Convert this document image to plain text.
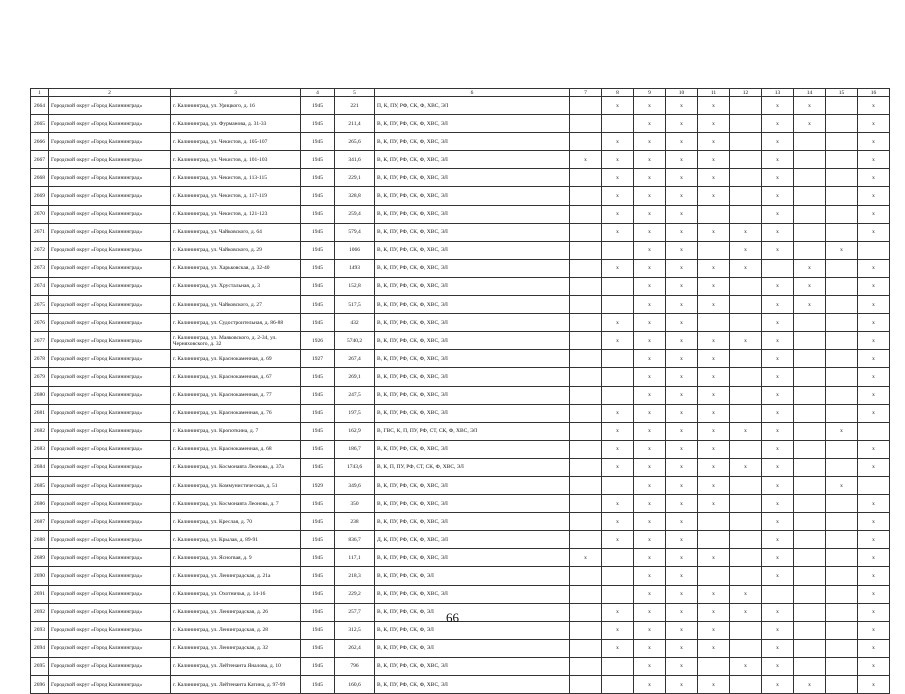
1	2	3	4	5	6	7	8	9	10	11	12	13	14	15	16
2664	Городской округ «Город Калининград»	г. Калининград, ул. Урицкого, д. 16	1945	221	П, К, ПУ, РФ, СК, Ф, ХВС, ЭЛ		х	х	х	х		х	х		х
2665	Городской округ «Город Калининград»	г. Калининград, ул. Фурманова, д. 31-33	1945	211,4	В, К, ПУ, РФ, СК, Ф, ХВС, ЭЛ			х	х	х		х	х		х
2666	Городской округ «Город Калининград»	г. Калининград, ул. Чекистов, д. 105-107	1945	265,6	В, К, ПУ, РФ, СК, Ф, ХВС, ЭЛ		х	х	х	х		х			х
2667	Городской округ «Город Калининград»	г. Калининград, ул. Чекистов, д. 101-103	1945	341,6	В, К, ПУ, РФ, СК, Ф, ХВС, ЭЛ	х	х	х	х	х		х			х
2668	Городской округ «Город Калининград»	г. Калининград, ул. Чекистов, д. 113-115	1945	229,1	В, К, ПУ, РФ, СК, Ф, ХВС, ЭЛ		х	х	х	х		х			х
2669	Городской округ «Город Калининград»	г. Калининград, ул. Чекистов, д. 117-119	1945	328,8	В, К, ПУ, РФ, СК, Ф, ХВС, ЭЛ		х	х	х	х		х			х
2670	Городской округ «Город Калининград»	г. Калининград, ул. Чекистов, д. 121-123	1945	259,4	В, К, ПУ, РФ, СК, Ф, ХВС, ЭЛ		х	х	х			х			х
2671	Городской округ «Город Калининград»	г. Калининград, ул. Чайковского, д. 64	1945	579,4	В, К, ПУ, РФ, СК, Ф, ХВС, ЭЛ		х	х	х	х	х	х			х
2672	Городской округ «Город Калининград»	г. Калининград, ул. Чайковского, д. 29	1945	1066	В, К, ПУ, РФ, СК, Ф, ХВС, ЭЛ			х	х		х	х		х	
2673	Городской округ «Город Калининград»	г. Калининград, ул. Харьковская, д. 32-40	1945	1493	В, К, ПУ, РФ, СК, Ф, ХВС, ЭЛ		х	х	х	х	х		х		х
2674	Городской округ «Город Калининград»	г. Калининград, ул. Хрустальная, д. 3	1945	152,8	В, К, ПУ, РФ, СК, Ф, ХВС, ЭЛ			х	х	х		х	х		х
2675	Городской округ «Город Калининград»	г. Калининград, ул. Чайковского, д. 27	1945	517,5	В, К, ПУ, РФ, СК, Ф, ХВС, ЭЛ			х	х	х		х	х		х
2676	Городской округ «Город Калининград»	г. Калининград, ул. Судостроительная, д. 86-88	1945	432	В, К, ПУ, РФ, СК, Ф, ХВС, ЭЛ		х	х	х			х			х
2677	Городской округ «Город Калининград»	г. Калининград, ул. Маяковского, д. 2-34, ул. Черняховского, д. 32	1926	5740,2	В, К, ПУ, РФ, СК, Ф, ХВС, ЭЛ		х	х	х	х	х	х			х
2678	Городской округ «Город Калининград»	г. Калининград, ул. Краснокаменная, д. 69	1927	267,4	В, К, ПУ, РФ, СК, Ф, ХВС, ЭЛ			х	х	х		х			х
2679	Городской округ «Город Калининград»	г. Калининград, ул. Краснокаменная, д. 67	1945	269,1	В, К, ПУ, РФ, СК, Ф, ХВС, ЭЛ			х	х	х		х			х
2680	Городской округ «Город Калининград»	г. Калининград, ул. Краснокаменная, д. 77	1945	247,5	В, К, ПУ, РФ, СК, Ф, ХВС, ЭЛ			х	х	х		х			х
2681	Городской округ «Город Калининград»	г. Калининград, ул. Краснокаменная, д. 76	1945	197,5	В, К, ПУ, РФ, СК, Ф, ХВС, ЭЛ		х	х	х	х		х			х
2682	Городской округ «Город Калининград»	г. Калининград, ул. Кропоткина, д. 7	1945	162,9	В, ГВС, К, П, ПУ, РФ, СТ, СК, Ф, ХВС, ЭЛ		х	х	х	х	х	х		х	
2683	Городской округ «Город Калининград»	г. Калининград, ул. Краснокаменная, д. 68	1945	186,7	В, К, ПУ, РФ, СК, Ф, ХВС, ЭЛ		х	х	х	х		х			х
2684	Городской округ «Город Калининград»	г. Калининград, ул. Космонавта Леонова, д. 37а	1945	1743,6	В, К, П, ПУ, РФ, СТ, СК, Ф, ХВС, ЭЛ		х	х	х	х	х	х			х
2685	Городской округ «Город Калининград»	г. Калининград, ул. Коммунистическая, д. 51	1929	349,6	В, К, ПУ, РФ, СК, Ф, ХВС, ЭЛ			х	х	х		х		х	
2686	Городской округ «Город Калининград»	г. Калининград, ул. Космонавта Леонова, д. 7	1945	350	В, К, ПУ, РФ, СК, Ф, ХВС, ЭЛ		х	х	х	х		х			х
2687	Городской округ «Город Калининград»	г. Калининград, ул. Креслая, д. 70	1945	238	В, К, ПУ, РФ, СК, Ф, ХВС, ЭЛ		х	х	х			х			х
2688	Городской округ «Город Калининград»	г. Калининград, ул. Крылая, д. 89-91	1945	836,7	Д, К, ПУ, РФ, СК, Ф, ХВС, ЭЛ		х	х	х			х			х
2689	Городской округ «Город Калининград»	г. Калининград, ул. Ясногвая, д. 9	1945	117,1	В, К, ПУ, РФ, СК, Ф, ХВС, ЭЛ	х		х	х	х		х			х
2690	Городской округ «Город Калининград»	г. Калининград, ул. Ленинградская, д. 21а	1945	218,3	В, К, ПУ, РФ, СК, Ф, ЭЛ			х	х			х			х
2691	Городской округ «Город Калининград»	г. Калининград, ул. Охотничья, д. 14-16	1945	229,2	В, К, ПУ, РФ, СК, Ф, ХВС, ЭЛ			х	х	х	х				х
2692	Городской округ «Город Калининград»	г. Калининград, ул. Ленинградская, д. 26	1945	257,7	В, К, ПУ, РФ, СК, Ф, ЭЛ		х	х	х	х	х	х			х
2693	Городской округ «Город Калининград»	г. Калининград, ул. Ленинградская, д. 28	1945	312,5	В, К, ПУ, РФ, СК, Ф, ЭЛ		х	х	х	х		х			х
2694	Городской округ «Город Калининград»	г. Калининград, ул. Ленинградская, д. 32	1945	262,4	В, К, ПУ, РФ, СК, Ф, ЭЛ		х	х	х	х		х			х
2695	Городской округ «Город Калининград»	г. Калининград, ул. Лейтенанта Яналова, д. 10	1945	796	В, К, ПУ, РФ, СК, Ф, ХВС, ЭЛ			х	х		х	х			х
2696	Городской округ «Город Калининград»	г. Калининград, ул. Лейтенанта Катина, д. 97-99	1945	160,6	В, К, ПУ, РФ, СК, Ф, ХВС, ЭЛ			х	х	х		х	х		х
66
